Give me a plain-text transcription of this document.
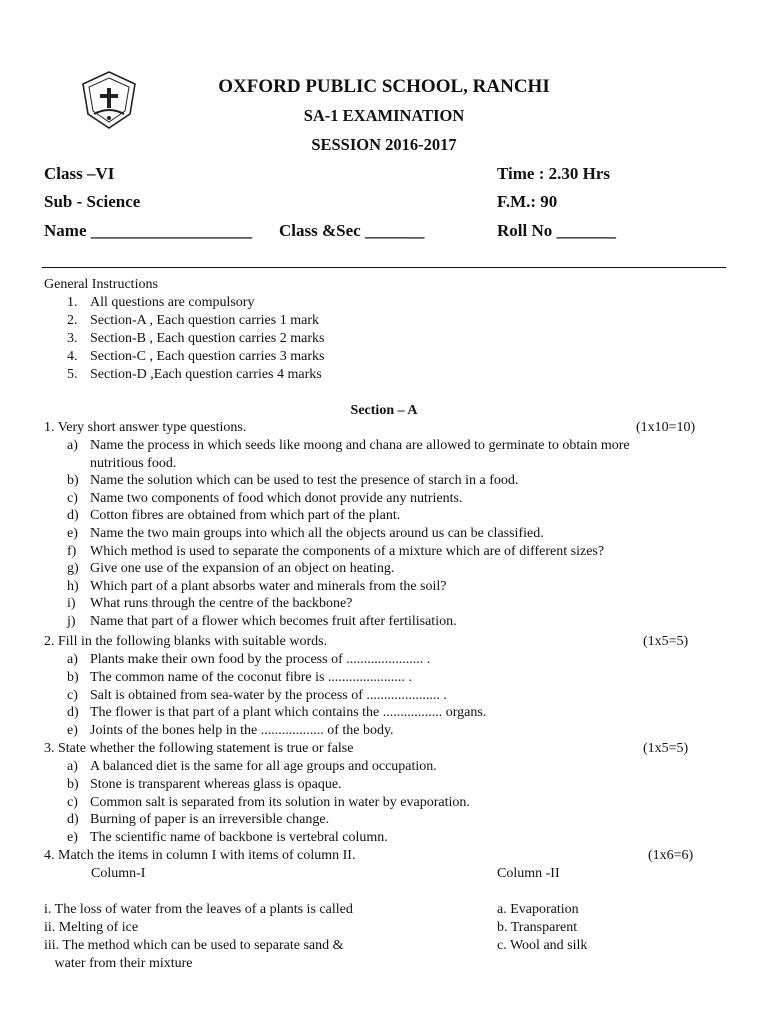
OXFORD PUBLIC SCHOOL, RANCHI
SA-1 EXAMINATION
SESSION 2016-2017
Class –VI	Time : 2.30 Hrs
Sub - Science	F.M.: 90
Name ___________________ Class &Sec _______	Roll No _______
General Instructions
1. All questions are compulsory
2. Section-A , Each question carries 1 mark
3. Section-B , Each question carries 2 marks
4. Section-C , Each question carries 3 marks
5. Section-D ,Each question carries 4 marks
Section – A
1. Very short answer type questions.	(1x10=10)
a) Name the process in which seeds like moong and chana are allowed to germinate to obtain more
nutritious food.
b) Name the solution which can be used to test the presence of starch in a food.
c) Name two components of food which donot provide any nutrients.
d) Cotton fibres are obtained from which part of the plant.
e) Name the two main groups into which all the objects around us can be classified.
f) Which method is used to separate the components of a mixture which are of different sizes?
g) Give one use of the expansion of an object on heating.
h) Which part of a plant absorbs water and minerals from the soil?
i) What runs through the centre of the backbone?
j) Name that part of a flower which becomes fruit after fertilisation.
2. Fill in the following blanks with suitable words.	(1x5=5)
a) Plants make their own food by the process of ...................... .
b) The common name of the coconut fibre is ...................... .
c) Salt is obtained from sea-water by the process of ..................... .
d) The flower is that part of a plant which contains the ................. organs.
e) Joints of the bones help in the .................. of the body.
3. State whether the following statement is true or false	(1x5=5)
a) A balanced diet is the same for all age groups and occupation.
b) Stone is transparent whereas glass is opaque.
c) Common salt is separated from its solution in water by evaporation.
d) Burning of paper is an irreversible change.
e) The scientific name of backbone is vertebral column.
4. Match the items in column I with items of column II.	(1x6=6)
Column-I	Column -II
i. The loss of water from the leaves of a plants is called	a. Evaporation
ii. Melting of ice	b. Transparent
iii. The method which can be used to separate sand &	c. Wool and silk
water from their mixture
